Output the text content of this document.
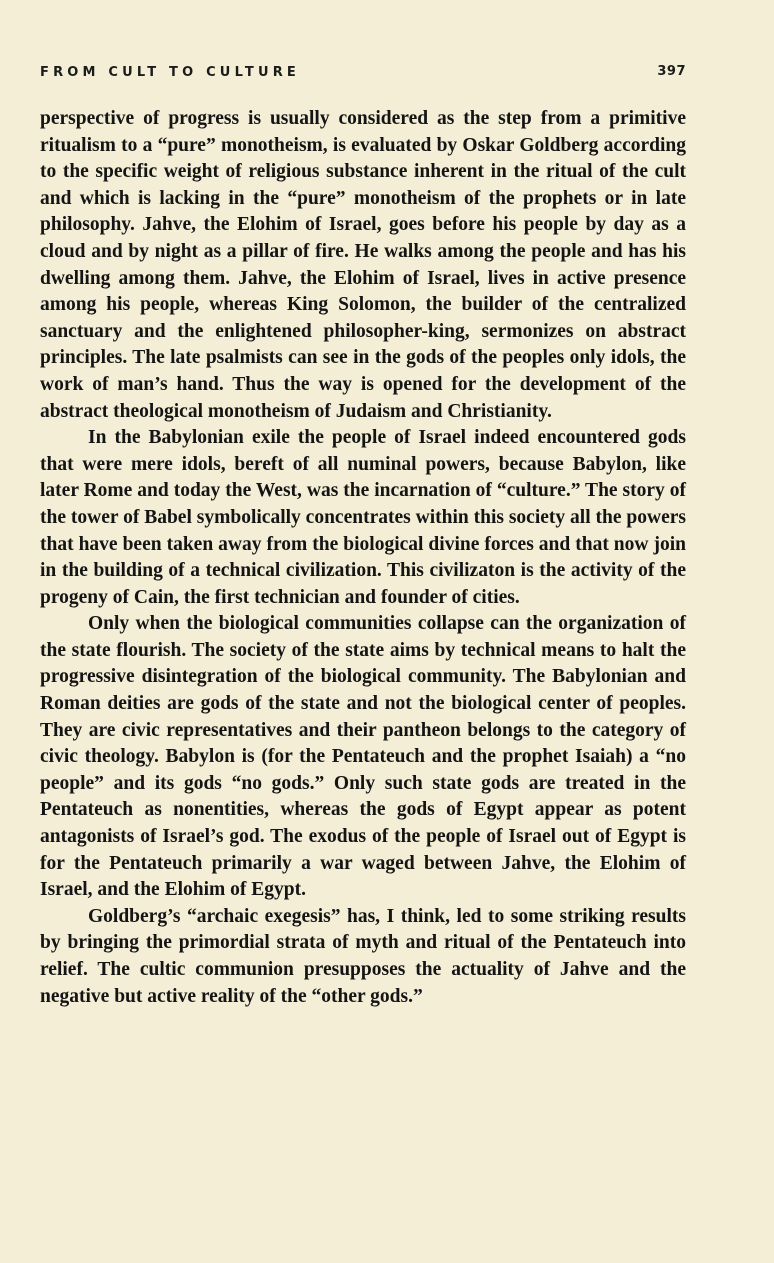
FROM CULT TO CULTURE	397

perspective of progress is usually considered as the step from a primitive ritualism to a “pure” monotheism, is evaluated by Oskar Goldberg according to the specific weight of religious substance inherent in the ritual of the cult and which is lacking in the “pure” monotheism of the prophets or in late philosophy. Jahve, the Elohim of Israel, goes before his people by day as a cloud and by night as a pillar of fire. He walks among the people and has his dwelling among them. Jahve, the Elohim of Israel, lives in active presence among his people, whereas King Solomon, the builder of the centralized sanctuary and the enlightened philosopher-king, sermonizes on abstract principles. The late psalmists can see in the gods of the peoples only idols, the work of man’s hand. Thus the way is opened for the development of the abstract theological monotheism of Judaism and Christianity.

In the Babylonian exile the people of Israel indeed encountered gods that were mere idols, bereft of all numinal powers, because Babylon, like later Rome and today the West, was the incarnation of “culture.” The story of the tower of Babel symbolically concentrates within this society all the powers that have been taken away from the biological divine forces and that now join in the building of a technical civilization. This civilizaton is the activity of the progeny of Cain, the first technician and founder of cities.

Only when the biological communities collapse can the organization of the state flourish. The society of the state aims by technical means to halt the progressive disintegration of the biological community. The Babylonian and Roman deities are gods of the state and not the biological center of peoples. They are civic representatives and their pantheon belongs to the category of civic theology. Babylon is (for the Pentateuch and the prophet Isaiah) a “no people” and its gods “no gods.” Only such state gods are treated in the Pentateuch as nonentities, whereas the gods of Egypt appear as potent antagonists of Israel’s god. The exodus of the people of Israel out of Egypt is for the Pentateuch primarily a war waged between Jahve, the Elohim of Israel, and the Elohim of Egypt.

Goldberg’s “archaic exegesis” has, I think, led to some striking results by bringing the primordial strata of myth and ritual of the Pentateuch into relief. The cultic communion presupposes the actuality of Jahve and the negative but active reality of the “other gods.”
